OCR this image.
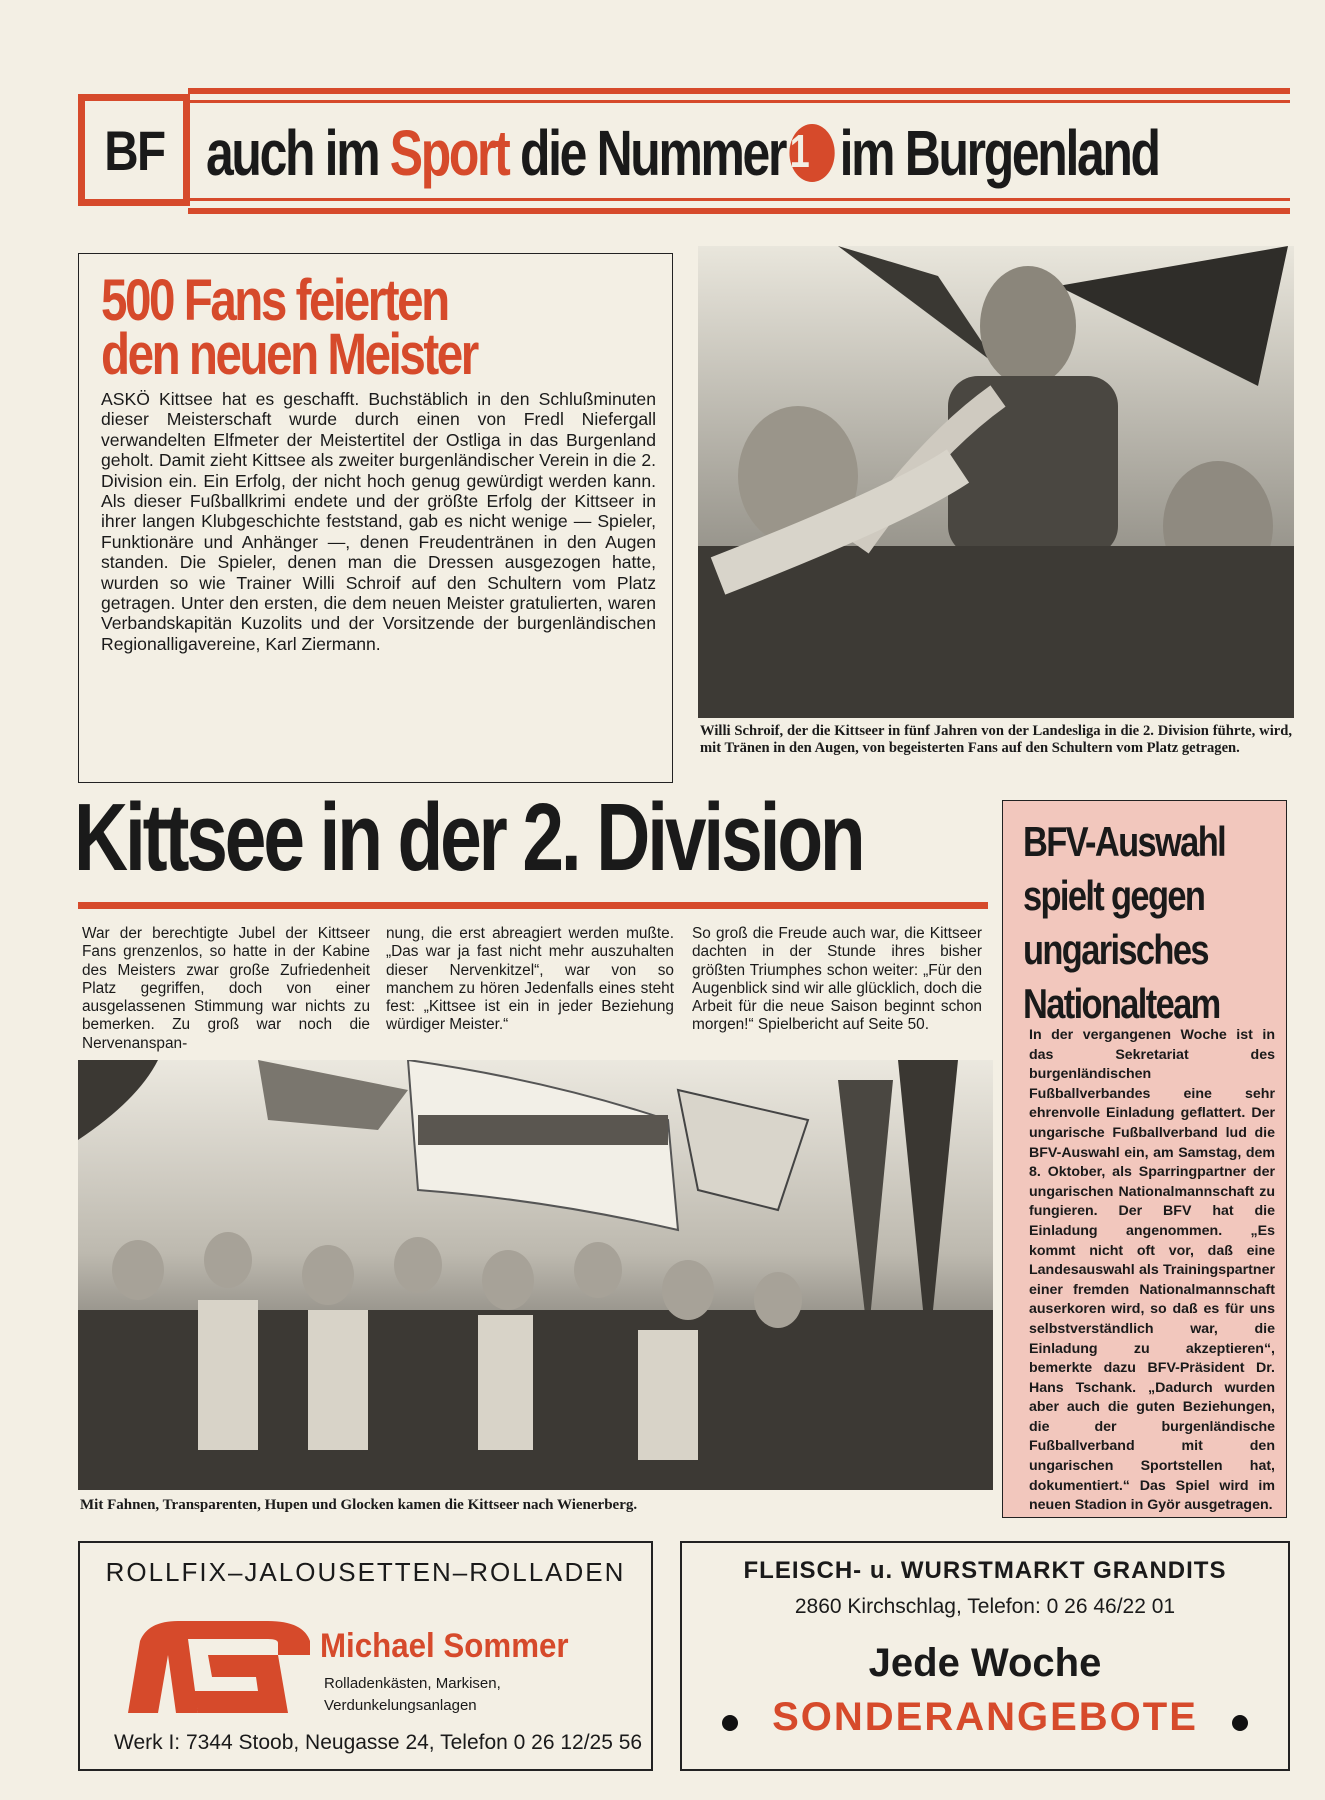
BF auch im
Sport
die Nummer 1 im Burgenland
500 Fans feierten
den neuen Meister
ASKÖ Kittsee hat es geschafft. Buchstäblich in den Schlußminuten dieser Meisterschaft wurde durch einen von Fredl Niefergall verwandelten Elfmeter der Meistertitel der Ostliga in das Burgenland geholt. Damit zieht Kittsee als zweiter burgenländischer Verein in die 2. Division ein. Ein Erfolg, der nicht hoch genug gewürdigt werden kann. Als dieser Fußballkrimi endete und der größte Erfolg der Kittseer in ihrer langen Klubgeschichte feststand, gab es nicht wenige — Spieler, Funktionäre und Anhänger —, denen Freudentränen in den Augen standen. Die Spieler, denen man die Dressen ausgezogen hatte, wurden so wie Trainer Willi Schroif auf den Schultern vom Platz getragen. Unter den ersten, die dem neuen Meister gratulierten, waren Verbandskapitän Kuzolits und der Vorsitzende der burgenländischen Regionalligavereine, Karl Ziermann.
Willi Schroif, der die Kittseer in fünf Jahren von der Landesliga in die 2. Division führte, wird, mit Tränen in den Augen, von begeisterten Fans auf den Schultern vom Platz getragen.
Kittsee in der 2. Division
War der berechtigte Jubel der Kittseer Fans grenzenlos, so hatte in der Kabine des Meisters zwar große Zufriedenheit Platz gegriffen, doch von einer ausgelassenen Stimmung war nichts zu bemerken. Zu groß war noch die Nervenanspan-
nung, die erst abreagiert werden mußte. „Das war ja fast nicht mehr auszuhalten dieser Nervenkitzel“, war von so manchem zu hören Jedenfalls eines steht fest: „Kittsee ist ein in jeder Beziehung würdiger Meister.“
So groß die Freude auch war, die Kittseer dachten in der Stunde ihres bisher größten Triumphes schon weiter: „Für den Augenblick sind wir alle glücklich, doch die Arbeit für die neue Saison beginnt schon morgen!“ Spielbericht auf Seite 50.
Mit Fahnen, Transparenten, Hupen und Glocken kamen die Kittseer nach Wienerberg.
BFV-Auswahl
spielt gegen
ungarisches
Nationalteam
In der vergangenen Woche ist in das Sekretariat des burgenländischen Fußballverbandes eine sehr ehrenvolle Einladung geflattert. Der ungarische Fußballverband lud die BFV-Auswahl ein, am Samstag, dem 8. Oktober, als Sparringpartner der ungarischen Nationalmannschaft zu fungieren. Der BFV hat die Einladung angenommen. „Es kommt nicht oft vor, daß eine Landesauswahl als Trainingspartner einer fremden Nationalmannschaft auserkoren wird, so daß es für uns selbstverständlich war, die Einladung zu akzeptieren“, bemerkte dazu BFV-Präsident Dr. Hans Tschank. „Dadurch wurden aber auch die guten Beziehungen, die der burgenländische Fußballverband mit den ungarischen Sportstellen hat, dokumentiert.“ Das Spiel wird im neuen Stadion in Györ ausgetragen.
ROLLFIX–JALOUSETTEN–ROLLADEN
Michael Sommer
Rolladenkästen, Markisen,
Verdunkelungsanlagen
Werk I: 7344 Stoob, Neugasse 24, Telefon 0 26 12/25 56
FLEISCH- u. WURSTMARKT GRANDITS
2860 Kirchschlag, Telefon: 0 26 46/22 01
Jede Woche
SONDERANGEBOTE
